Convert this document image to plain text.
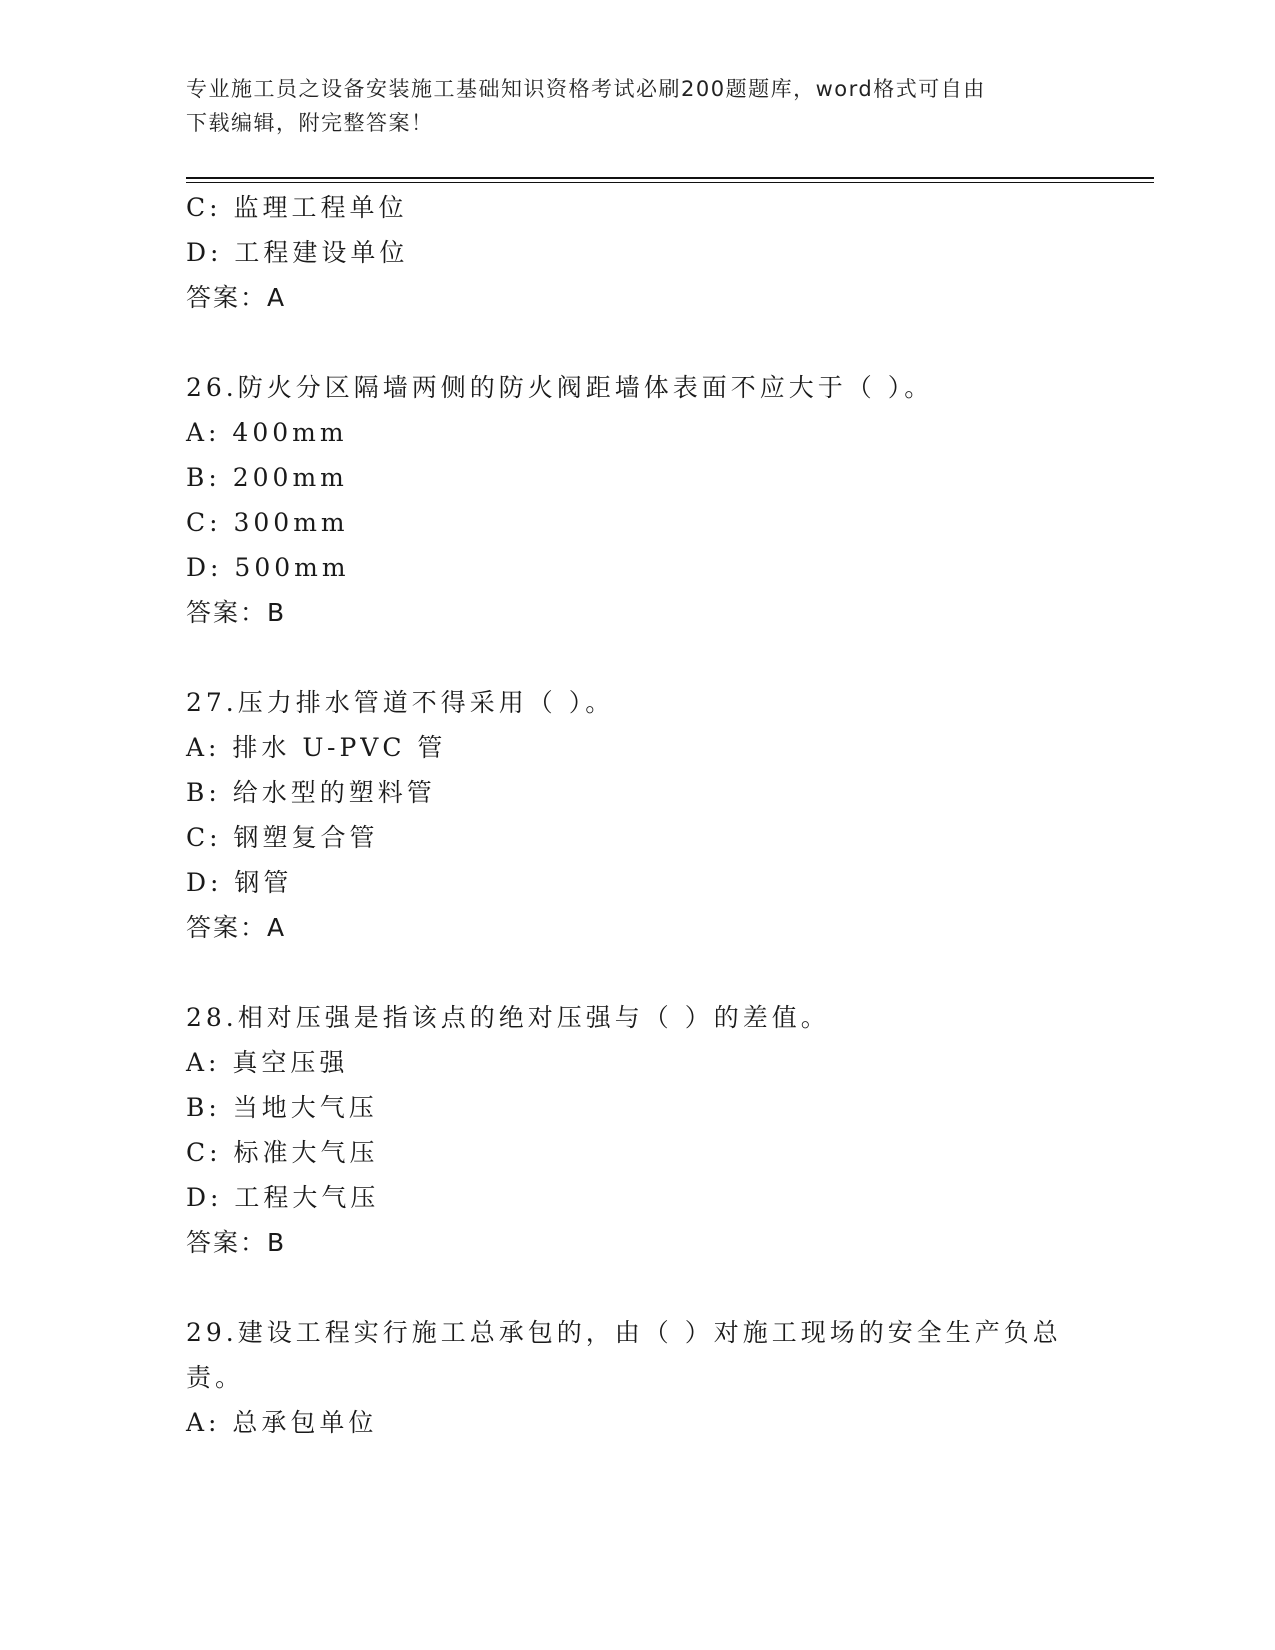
专业施工员之设备安装施工基础知识资格考试必刷200题题库，word格式可自由
下载编辑，附完整答案！
C: 监理工程单位
D: 工程建设单位
答案：A
26.防火分区隔墙两侧的防火阀距墙体表面不应大于（ ）。
A: 400mm
B: 200mm
C: 300mm
D: 500mm
答案：B
27.压力排水管道不得采用（ ）。
A: 排水 U-PVC 管
B: 给水型的塑料管
C: 钢塑复合管
D: 钢管
答案：A
28.相对压强是指该点的绝对压强与（ ）的差值。
A: 真空压强
B: 当地大气压
C: 标准大气压
D: 工程大气压
答案：B
29.建设工程实行施工总承包的，由（ ）对施工现场的安全生产负总
责。
A: 总承包单位
